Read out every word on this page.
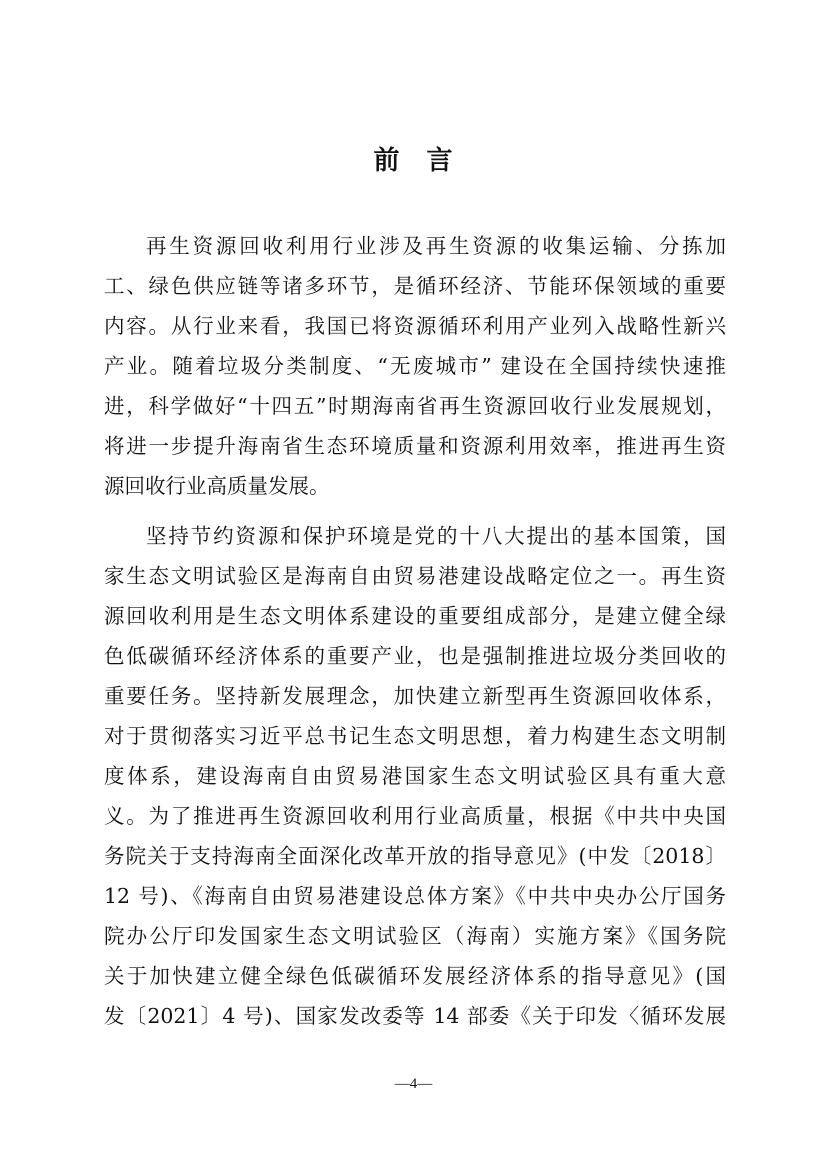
前 言
再生资源回收利用行业涉及再生资源的收集运输、分拣加
工、绿色供应链等诸多环节，是循环经济、节能环保领域的重要
内容。从行业来看，我国已将资源循环利用产业列入战略性新兴
产业。随着垃圾分类制度、“无废城市” 建设在全国持续快速推
进，科学做好“十四五”时期海南省再生资源回收行业发展规划，
将进一步提升海南省生态环境质量和资源利用效率，推进再生资
源回收行业高质量发展。
坚持节约资源和保护环境是党的十八大提出的基本国策，国
家生态文明试验区是海南自由贸易港建设战略定位之一。再生资
源回收利用是生态文明体系建设的重要组成部分，是建立健全绿
色低碳循环经济体系的重要产业，也是强制推进垃圾分类回收的
重要任务。坚持新发展理念，加快建立新型再生资源回收体系，
对于贯彻落实习近平总书记生态文明思想，着力构建生态文明制
度体系，建设海南自由贸易港国家生态文明试验区具有重大意
义。为了推进再生资源回收利用行业高质量，根据《中共中央国
务院关于支持海南全面深化改革开放的指导意见》(中发〔2018〕
12 号)、《海南自由贸易港建设总体方案》《中共中央办公厅国务
院办公厅印发国家生态文明试验区（海南）实施方案》《国务院
关于加快建立健全绿色低碳循环发展经济体系的指导意见》(国
发〔2021〕4 号)、国家发改委等 14 部委《关于印发〈循环发展
—4—
